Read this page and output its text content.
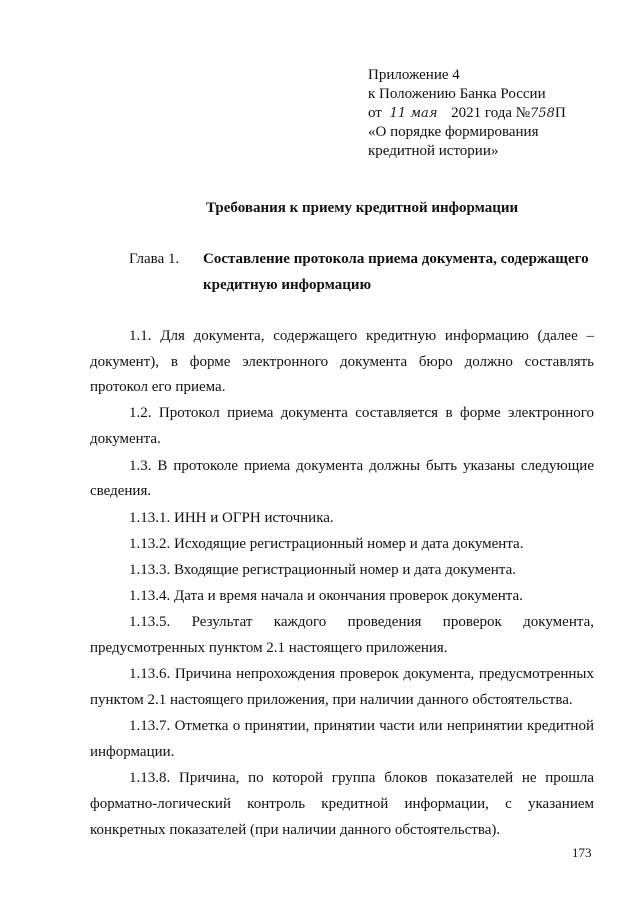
Приложение 4
к Положению Банка России
от 11 мая 2021 года №758П
«О порядке формирования
кредитной истории»
Требования к приему кредитной информации
Глава 1. Составление протокола приема документа, содержащего
кредитную информацию
1.1. Для документа, содержащего кредитную информацию (далее –
документ), в форме электронного документа бюро должно составлять
протокол его приема.
1.2. Протокол приема документа составляется в форме электронного
документа.
1.3. В протоколе приема документа должны быть указаны следующие
сведения.
1.13.1. ИНН и ОГРН источника.
1.13.2. Исходящие регистрационный номер и дата документа.
1.13.3. Входящие регистрационный номер и дата документа.
1.13.4. Дата и время начала и окончания проверок документа.
1.13.5. Результат каждого проведения проверок документа,
предусмотренных пунктом 2.1 настоящего приложения.
1.13.6. Причина непрохождения проверок документа, предусмотренных
пунктом 2.1 настоящего приложения, при наличии данного обстоятельства.
1.13.7. Отметка о принятии, принятии части или непринятии кредитной
информации.
1.13.8. Причина, по которой группа блоков показателей не прошла
форматно-логический контроль кредитной информации, с указанием
конкретных показателей (при наличии данного обстоятельства).
173
